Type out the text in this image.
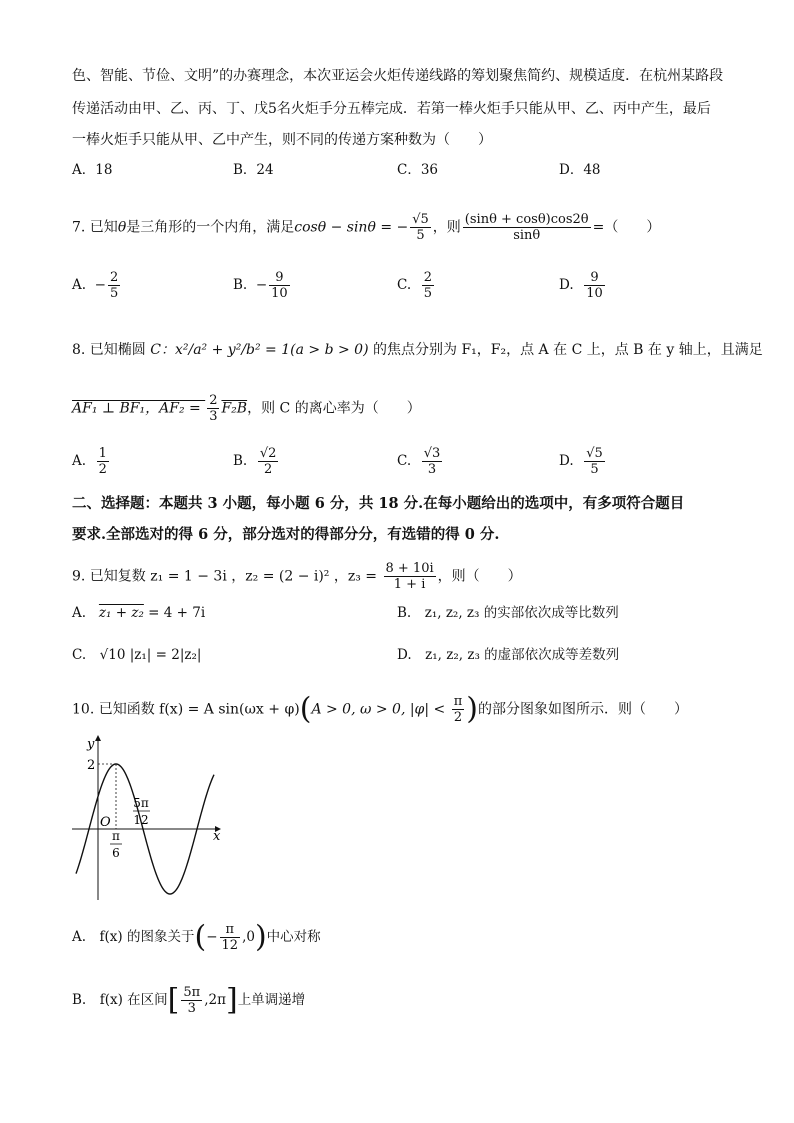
色、智能、节俭、文明”的办赛理念，本次亚运会火炬传递线路的筹划聚焦简约、规模适度．在杭州某路段
传递活动由甲、乙、丙、丁、戊5名火炬手分五棒完成．若第一棒火炬手只能从甲、乙、丙中产生，最后
一棒火炬手只能从甲、乙中产生，则不同的传递方案种数为（　　）
A．18	B．24	C．36	D．48
7. 已知θ是三角形的一个内角，满足cosθ − sinθ = − $\frac{√5}{5}$ ，则 $\frac{(\sin\theta + \cos\theta)\cos 2\theta}{\sin\theta}$ =（　　）
A. − $\frac{2}{5}$	B. − $\frac{9}{10}$	C. $\frac{2}{5}$	D. $\frac{9}{10}$
8. 已知椭圆 C：x²/a² + y²/b² = 1(a > b > 0) 的焦点分别为 F₁，F₂，点 A 在 C 上，点 B 在 y 轴上，且满足
AF₁ ⊥ BF₁，$AF_2 = \frac{2}{3} F_2B$，则 C 的离心率为（　　）
A. $\frac{1}{2}$	B. $\frac{√2}{2}$	C. $\frac{√3}{3}$	D. $\frac{√5}{5}$
二、选择题：本题共 3 小题，每小题 6 分，共 18 分.在每小题给出的选项中，有多项符合题目
要求.全部选对的得 6 分，部分选对的得部分分，有选错的得 0 分.
9. 已知复数 z₁ = 1 − 3i ，z₂ = (2 − i)² ，$z_3 = \frac{8 + 10i}{1 + i}$ ，则（　　）
A. z₁ + z₂ = 4 + 7i	B.　z₁, z₂, z₃ 的实部依次成等比数列
C.　√10 |z₁| = 2|z₂|	D.　z₁, z₂, z₃ 的虚部依次成等差数列
10. 已知函数 f(x) = A sin(ωx + φ)(A > 0, ω > 0, $|\varphi| < \frac{\pi}{2}$ )的部分图象如图所示．则（　　）
y
x
O
2
5π
12
π
6
A.　f(x) 的图象关于(− $\frac{\pi}{12} ,0$)中心对称
B.　f(x) 在区间[ $\frac{5\pi}{3} ,2\pi$]上单调递增
